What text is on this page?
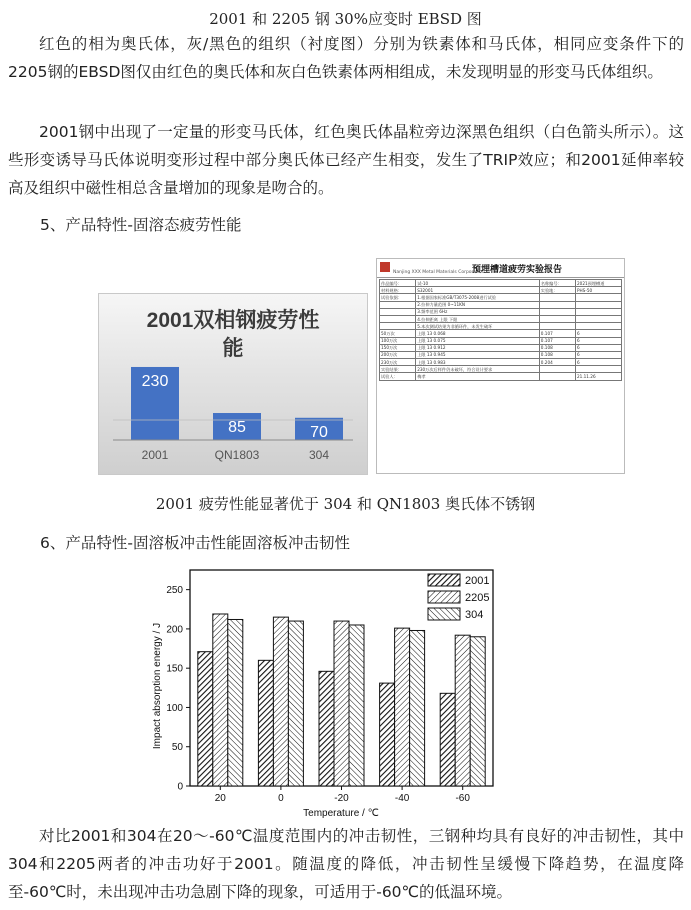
2001 和 2205 钢 30%应变时 EBSD 图

红色的相为奥氏体，灰/黑色的组织（衬度图）分别为铁素体和马氏体，相同应变条件下的2205钢的EBSD图仅由红色的奥氏体和灰白色铁素体两相组成，未发现明显的形变马氏体组织。

2001钢中出现了一定量的形变马氏体，红色奥氏体晶粒旁边深黑色组织（白色箭头所示）。这些形变诱导马氏体说明变形过程中部分奥氏体已经产生相变，发生了TRIP效应；和2001延伸率较高及组织中磁性相总含量增加的现象是吻合的。

5、产品特性-固溶态疲劳性能
2001双相钢疲劳性
能
230
2001
85
QN1803
70
304
Nanjing XXX Metal Materials Corporation
预埋槽道疲劳实验报告
作品编号：	试-10	名称编号：	2021预埋槽道
材料规格：	S32001	实验地：	PHS-50
试验依据：	1.根据国家标准GB/T3075-2008进行试验		
	2.拉伸力量范围 0~11KN		
	3.频率范围 6Hz		
	4.拉伸距离 上限 下限		
	5.本次测试结果为非循环件，未发生破坏		
50万次	上限 13 0.068	0.107	6
100万次	上限 13 0.075	0.107	6
150万次	上限 13 0.912	0.108	6
200万次	上限 13 0.945	0.108	6
230万次	上限 13 0.983	0.204	6
实验结果：	230万次后样件仍未破坏，符合设计要求		
试验人：	梅孝		21.11.26
2001 疲劳性能显著优于 304 和 QN1803 奥氏体不锈钢
6、产品特性-固溶板冲击性能固溶板冲击韧性
0
50
100
150
200
250
20	0	-20	-40	-60
2001
2205
304
Impact absorption energy / J
Temperature / ℃

对比2001和304在20～-60℃温度范围内的冲击韧性，三钢种均具有良好的冲击韧性，其中304和2205两者的冲击功好于2001。随温度的降低，冲击韧性呈缓慢下降趋势，在温度降至-60℃时，未出现冲击功急剧下降的现象，可适用于-60℃的低温环境。
